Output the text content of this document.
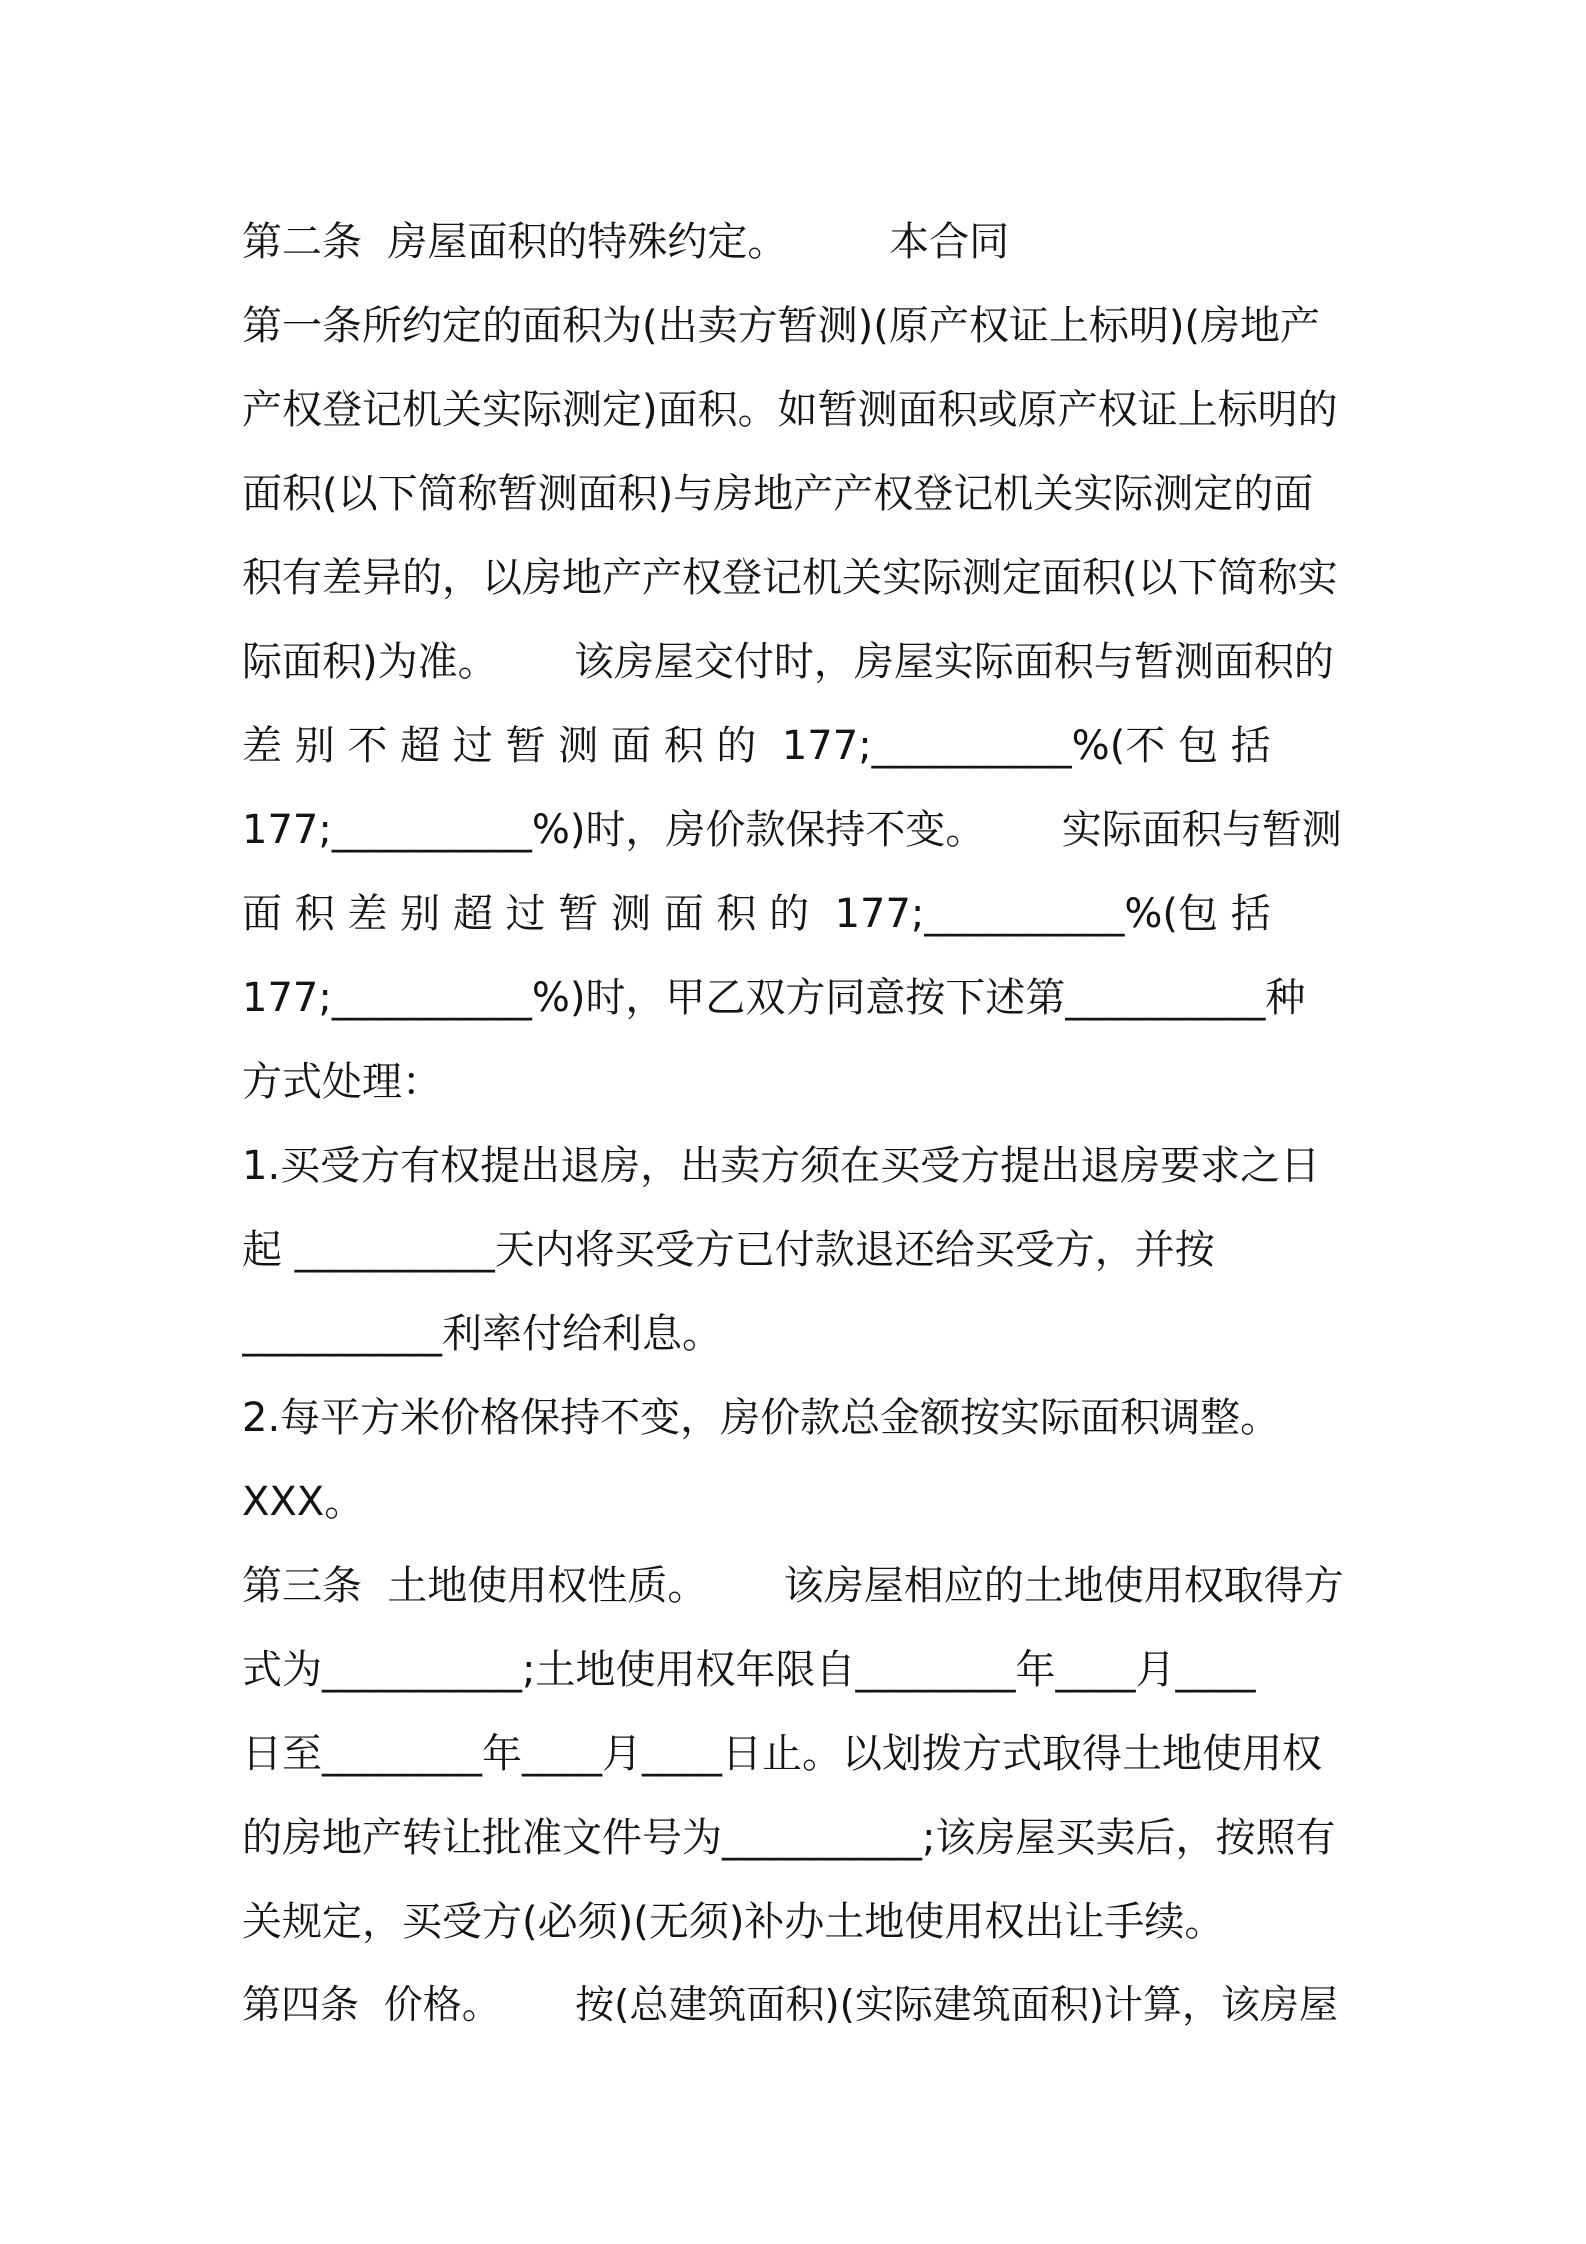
第二条  房屋面积的特殊约定。        本合同
第一条所约定的面积为(出卖方暂测)(原产权证上标明)(房地产
产权登记机关实际测定)面积。如暂测面积或原产权证上标明的
面积(以下简称暂测面积)与房地产产权登记机关实际测定的面
积有差异的，以房地产产权登记机关实际测定面积(以下简称实
际面积)为准。      该房屋交付时，房屋实际面积与暂测面积的
差 别 不 超 过 暂 测 面 积 的  177;__________%(不 包 括
177;__________%)时，房价款保持不变。      实际面积与暂测
面 积 差 别 超 过 暂 测 面 积 的  177;__________%(包 括
177;__________%)时，甲乙双方同意按下述第__________种
方式处理：
1.买受方有权提出退房，出卖方须在买受方提出退房要求之日
起 __________天内将买受方已付款退还给买受方，并按
__________利率付给利息。
2.每平方米价格保持不变，房价款总金额按实际面积调整。
XXX。
第三条  土地使用权性质。      该房屋相应的土地使用权取得方
式为__________;土地使用权年限自________年____月____
日至________年____月____日止。以划拨方式取得土地使用权
的房地产转让批准文件号为__________;该房屋买卖后，按照有
关规定，买受方(必须)(无须)补办土地使用权出让手续。
第四条  价格。      按(总建筑面积)(实际建筑面积)计算，该房屋
